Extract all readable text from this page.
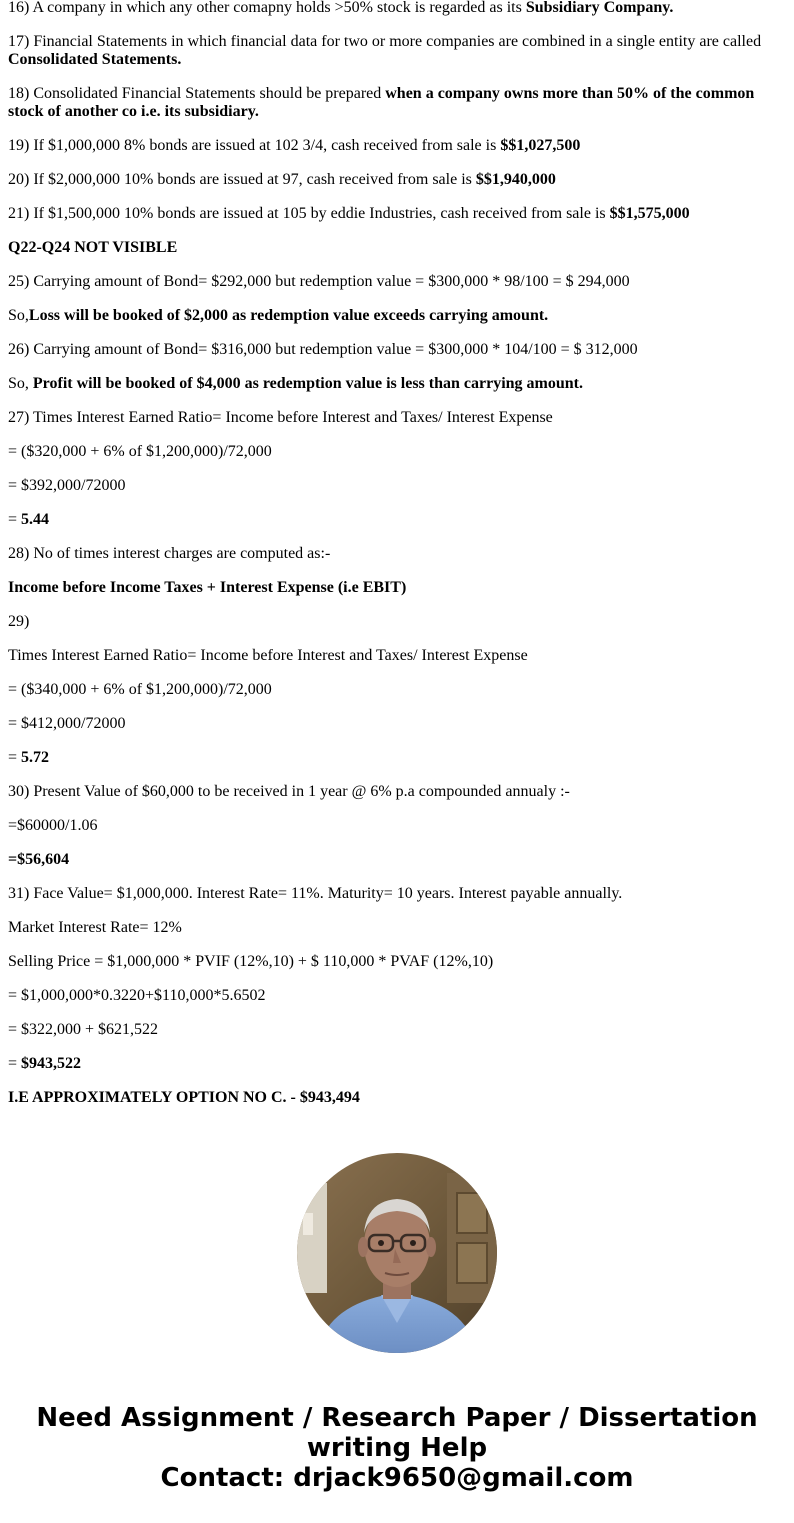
16) A company in which any other comapny holds >50% stock is regarded as its Subsidiary Company.

17) Financial Statements in which financial data for two or more companies are combined in a single entity are called Consolidated Statements.

18) Consolidated Financial Statements should be prepared when a company owns more than 50% of the common stock of another co i.e. its subsidiary.

19) If $1,000,000 8% bonds are issued at 102 3/4, cash received from sale is $$1,027,500

20) If $2,000,000 10% bonds are issued at 97, cash received from sale is $$1,940,000

21) If $1,500,000 10% bonds are issued at 105 by eddie Industries, cash received from sale is $$1,575,000

Q22-Q24 NOT VISIBLE

25) Carrying amount of Bond= $292,000 but redemption value = $300,000 * 98/100 = $ 294,000

So,Loss will be booked of $2,000 as redemption value exceeds carrying amount.

26) Carrying amount of Bond= $316,000 but redemption value = $300,000 * 104/100 = $ 312,000

So, Profit will be booked of $4,000 as redemption value is less than carrying amount.

27) Times Interest Earned Ratio= Income before Interest and Taxes/ Interest Expense

= ($320,000 + 6% of $1,200,000)/72,000

= $392,000/72000

= 5.44

28) No of times interest charges are computed as:-

Income before Income Taxes + Interest Expense (i.e EBIT)

29)

Times Interest Earned Ratio= Income before Interest and Taxes/ Interest Expense

= ($340,000 + 6% of $1,200,000)/72,000

= $412,000/72000

= 5.72

30) Present Value of $60,000 to be received in 1 year @ 6% p.a compounded annualy :-

=$60000/1.06

=$56,604

31) Face Value= $1,000,000. Interest Rate= 11%. Maturity= 10 years. Interest payable annually.

Market Interest Rate= 12%

Selling Price = $1,000,000 * PVIF (12%,10) + $ 110,000 * PVAF (12%,10)

= $1,000,000*0.3220+$110,000*5.6502

= $322,000 + $621,522

= $943,522

I.E APPROXIMATELY OPTION NO C. - $943,494

Need Assignment / Research Paper / Dissertation
writing Help
Contact: drjack9650@gmail.com
